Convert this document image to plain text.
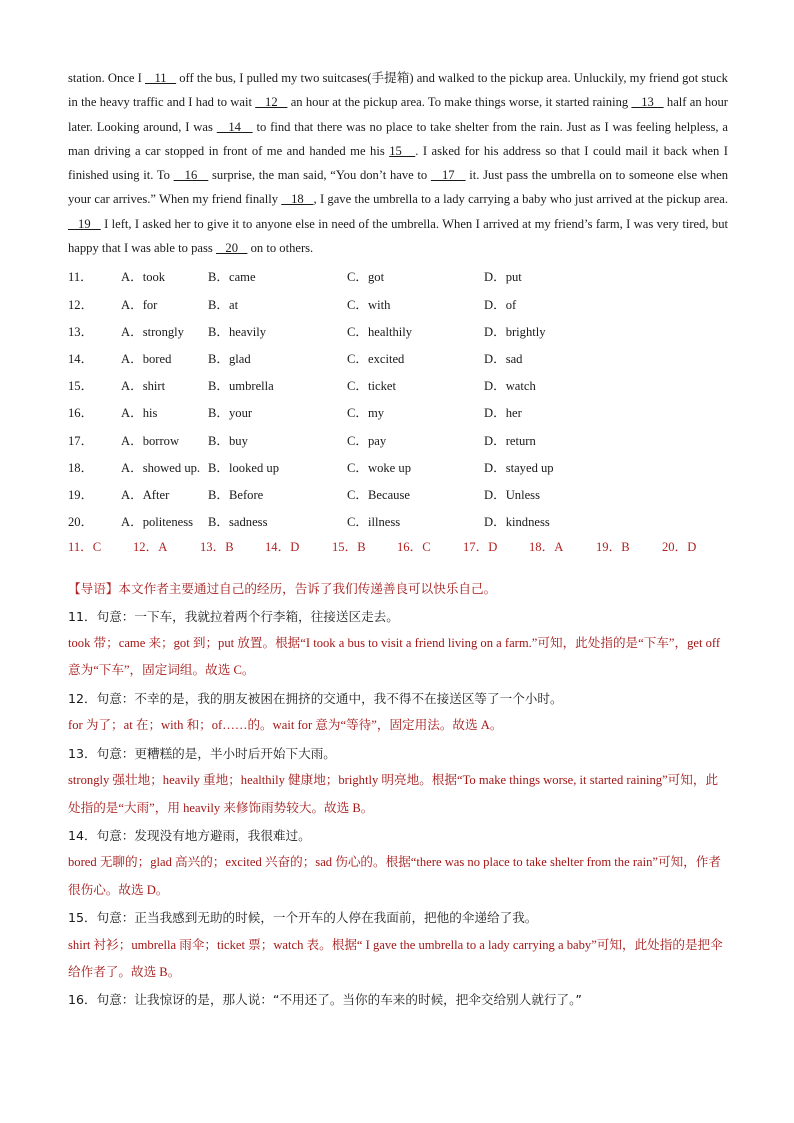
station. Once I    11    off the bus, I pulled my two suitcases(手提箱) and walked to the pickup area. Unluckily, my friend got stuck in the heavy traffic and I had to wait    12    an hour at the pickup area. To make things worse, it started raining    13    half an hour later. Looking around, I was    14    to find that there was no place to take shelter from the rain. Just as I was feeling helpless, a man driving a car stopped in front of me and handed me his 15   . I asked for his address so that I could mail it back when I finished using it. To    16    surprise, the man said, “You don’t have to    17    it. Just pass the umbrella on to someone else when your car arrives.” When my friend finally    18   , I gave the umbrella to a lady carrying a baby who just arrived at the pickup area.    19    I left, I asked her to give it to anyone else in need of the umbrella. When I arrived at my friend’s farm, I was very tired, but happy that I was able to pass    20    on to others.

11．	A．took	B．came	C．got	D．put
12．	A．for	B．at	C．with	D．of
13．	A．strongly	B．heavily	C．healthily	D．brightly
14．	A．bored	B．glad	C．excited	D．sad
15．	A．shirt	B．umbrella	C．ticket	D．watch
16．	A．his	B．your	C．my	D．her
17．	A．borrow	B．buy	C．pay	D．return
18．	A．showed up.	B．looked up	C．woke up	D．stayed up
19．	A．After	B．Before	C．Because	D．Unless
20．	A．politeness	B．sadness	C．illness	D．kindness
11．C	12．A	13．B	14．D	15．B	16．C	17．D	18．A	19．B	20．D

【导语】本文作者主要通过自己的经历，告诉了我们传递善良可以快乐自己。

11．句意：一下车，我就拉着两个行李箱，往接送区走去。

took 带；came 来；got 到；put 放置。根据“I took a bus to visit a friend living on a farm.”可知，此处指的是“下车”，get off 意为“下车”，固定词组。故选 C。

12．句意：不幸的是，我的朋友被困在拥挤的交通中，我不得不在接送区等了一个小时。

for 为了；at 在；with 和；of……的。wait for 意为“等待”，固定用法。故选 A。

13．句意：更糟糕的是，半小时后开始下大雨。

strongly 强壮地；heavily 重地；healthily 健康地；brightly 明亮地。根据“To make things worse, it started raining”可知，此处指的是“大雨”，用 heavily 来修饰雨势较大。故选 B。

14．句意：发现没有地方避雨，我很难过。

bored 无聊的；glad 高兴的；excited 兴奋的；sad 伤心的。根据“there was no place to take shelter from the rain”可知，作者很伤心。故选 D。

15．句意：正当我感到无助的时候，一个开车的人停在我面前，把他的伞递给了我。

shirt 衬衫；umbrella 雨伞；ticket 票；watch 表。根据“ I gave the umbrella to a lady carrying a baby”可知，此处指的是把伞给作者了。故选 B。

16．句意：让我惊讶的是，那人说：“不用还了。当你的车来的时候，把伞交给别人就行了。”
